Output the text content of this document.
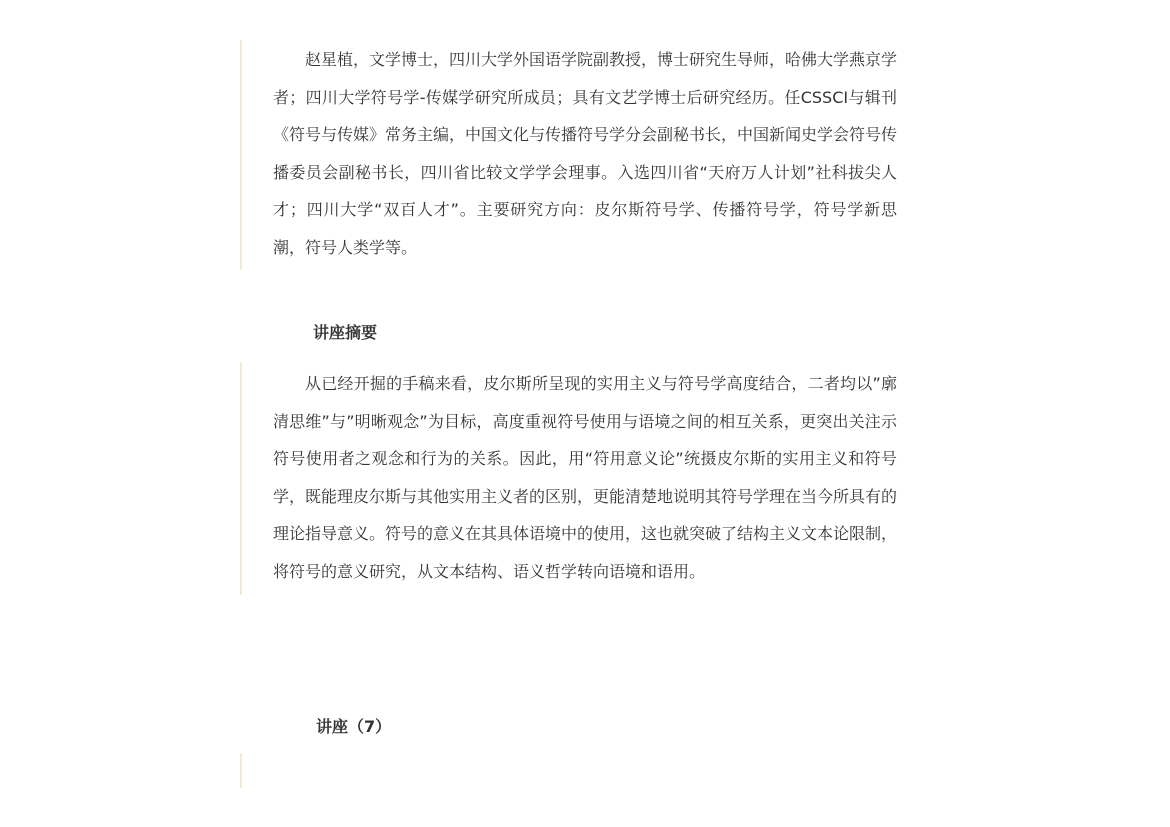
赵星植，文学博士，四川大学外国语学院副教授，博士研究生导师，哈佛大学燕京学者；四川大学符号学-传媒学研究所成员；具有文艺学博士后研究经历。任CSSCI与辑刊《符号与传媒》常务主编，中国文化与传播符号学分会副秘书长，中国新闻史学会符号传播委员会副秘书长，四川省比较文学学会理事。入选四川省“天府万人计划”社科拔尖人才；四川大学“双百人才”。主要研究方向：皮尔斯符号学、传播符号学，符号学新思潮，符号人类学等。

讲座摘要

从已经开掘的手稿来看，皮尔斯所呈现的实用主义与符号学高度结合，二者均以”廓清思维”与”明晰观念”为目标，高度重视符号使用与语境之间的相互关系，更突出关注示符号使用者之观念和行为的关系。因此，用“符用意义论”统摄皮尔斯的实用主义和符号学，既能理皮尔斯与其他实用主义者的区别，更能清楚地说明其符号学理在当今所具有的理论指导意义。符号的意义在其具体语境中的使用，这也就突破了结构主义文本论限制，将符号的意义研究，从文本结构、语义哲学转向语境和语用。

讲座（7）
